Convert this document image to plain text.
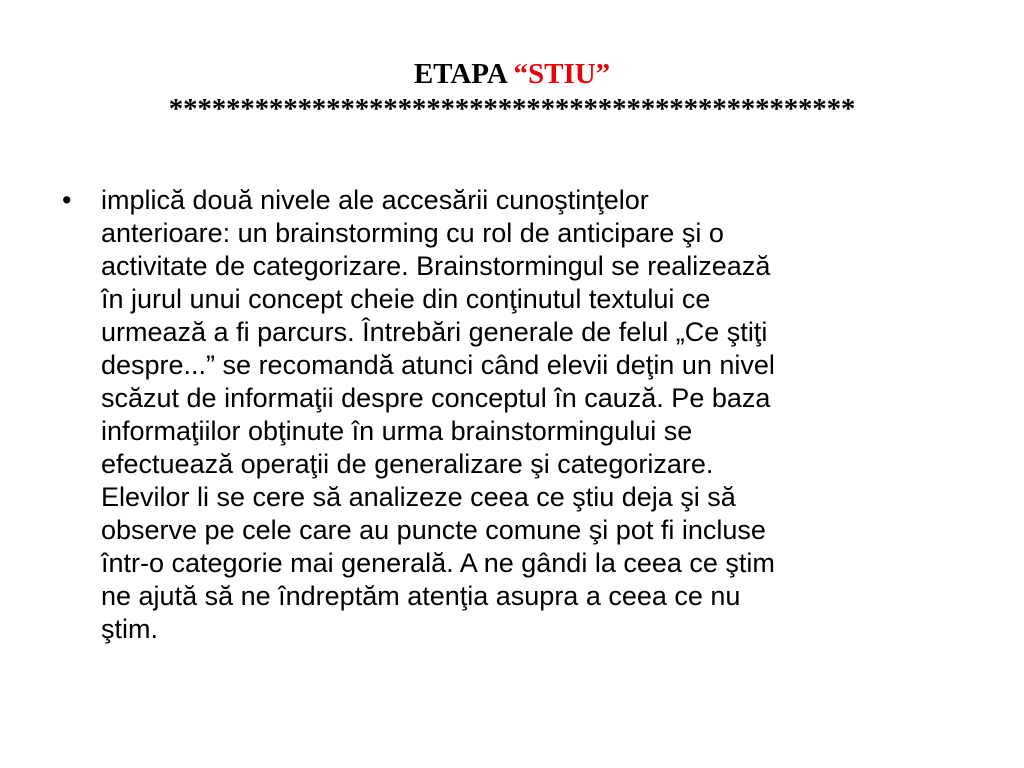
ETAPA “STIU”
************************************************
• implică două nivele ale accesării cunoştinţelor
anterioare: un brainstorming cu rol de anticipare şi o
activitate de categorizare. Brainstormingul se realizează
în jurul unui concept cheie din conţinutul textului ce
urmează a fi parcurs. Întrebări generale de felul „Ce ştiţi
despre...” se recomandă atunci când elevii deţin un nivel
scăzut de informaţii despre conceptul în cauză. Pe baza
informaţiilor obţinute în urma brainstormingului se
efectuează operaţii de generalizare şi categorizare.
Elevilor li se cere să analizeze ceea ce ştiu deja şi să
observe pe cele care au puncte comune şi pot fi incluse
într-o categorie mai generală. A ne gândi la ceea ce ştim
ne ajută să ne îndreptăm atenţia asupra a ceea ce nu
ştim.
